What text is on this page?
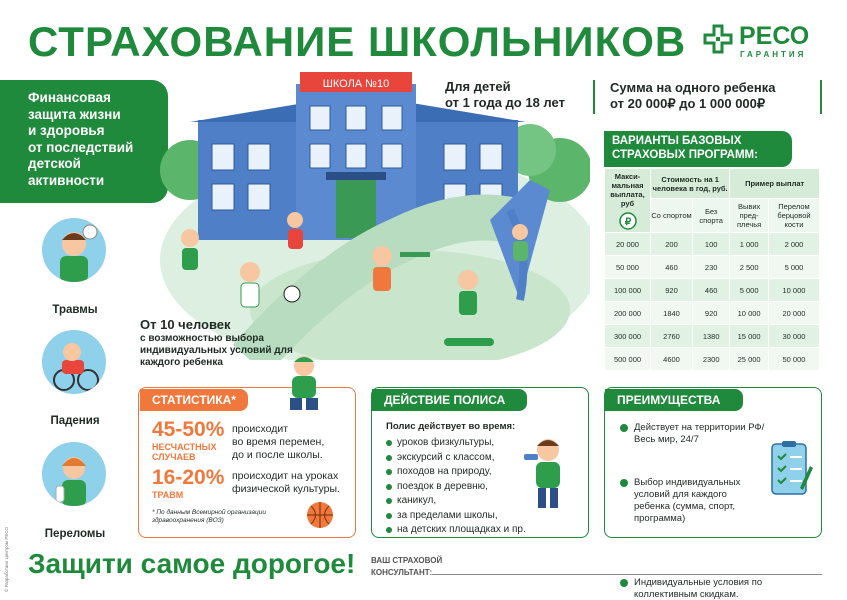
СТРАХОВАНИЕ ШКОЛЬНИКОВ РЕСО
ГАРАНТИЯ
Финансовая
защита жизни
и здоровья
от последствий
детской
активности
Травмы
Падения
Переломы
ШКОЛА №10	Для детей
от 1 года до 18 лет
Сумма на одного ребенка
от 20 000₽ до 1 000 000₽
ВАРИАНТЫ БАЗОВЫХ
СТРАХОВЫХ ПРОГРАММ:
Макси-мальная выплата, руб
₽	Стоимость на 1 человека в год, руб.		Пример выплат	
	Со спортом	Без спорта	Вывих пред-плечья	Перелом берцовой кости
20 000	200	100	1 000	2 000
50 000	460	230	2 500	5 000
100 000	920	460	5 000	10 000
200 000	1840	920	10 000	20 000
300 000	2760	1380	15 000	30 000
500 000	4600	2300	25 000	50 000
От 10 человек
с возможностью выбора индивидуальных условий для каждого ребенка
СТАТИСТИКА*
45-50%
НЕСЧАСТНЫХ
СЛУЧАЕВ
происходит
во время перемен,
до и после школы.
16-20%
ТРАВМ
происходит на уроках
физической культуры.
* По данным Всемирной организации здравоохранения (ВОЗ)
ДЕЙСТВИЕ ПОЛИСА
Полис действует во время:
уроков физкультуры,
экскурсий с классом,
походов на природу,
поездок в деревню,
каникул,
за пределами школы,
на детских площадках и пр.
ПРЕИМУЩЕСТВА
Действует на территории РФ/Весь мир, 24/7
Выбор индивидуальных условий для каждого ребенка (сумма, спорт, программа)
Индивидуальные условия по коллективным скидкам.
Защити самое дорогое! ВАШ СТРАХОВОЙ
КОНСУЛЬТАНТ:
© Разработано Центром РЕСО
